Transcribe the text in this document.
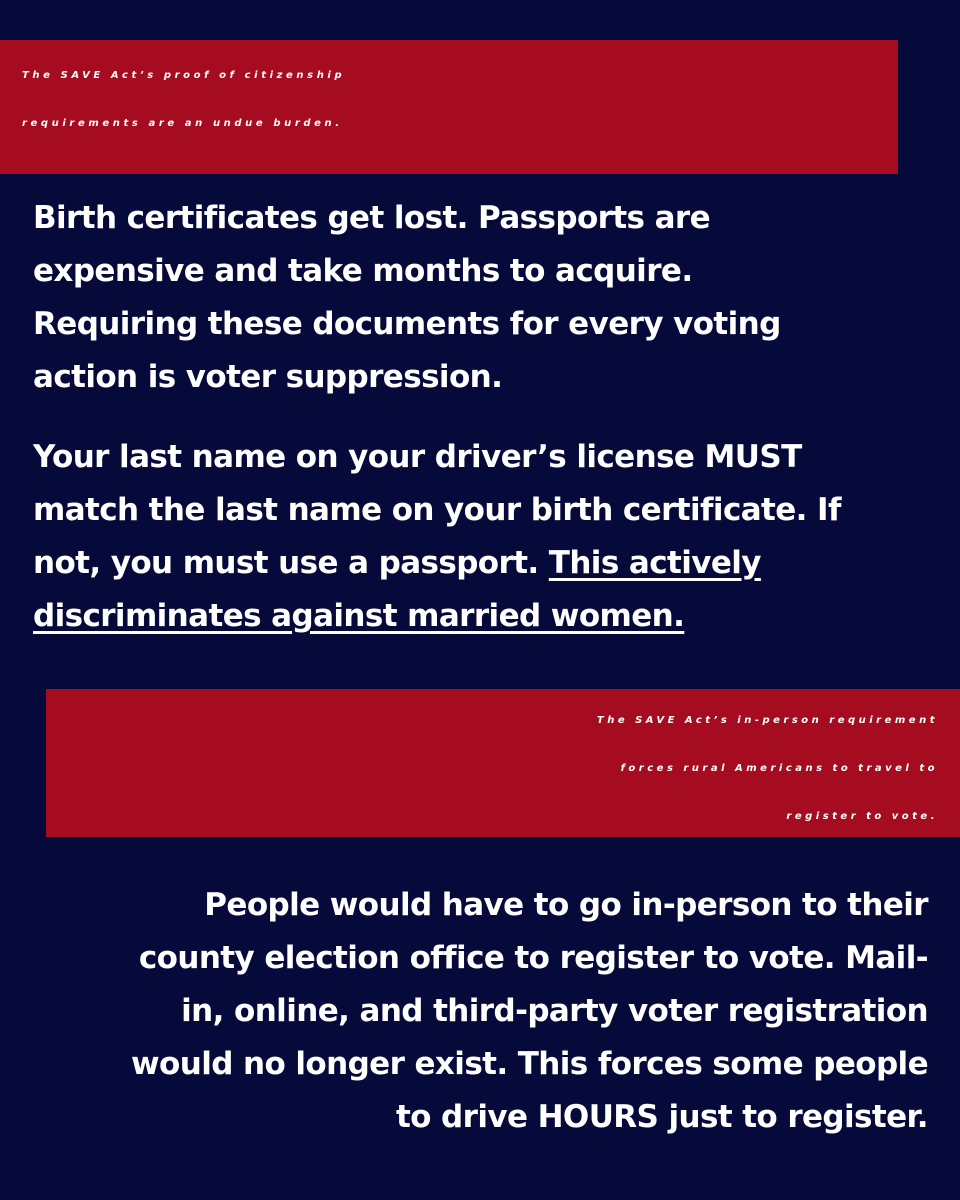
The SAVE Act’s proof of citizenship
requirements are an undue burden.

Birth certificates get lost. Passports are
expensive and take months to acquire.
Requiring these documents for every voting
action is voter suppression.

Your last name on your driver’s license MUST
match the last name on your birth certificate. If
not, you must use a passport. This actively
discriminates against married women.

The SAVE Act’s in-person requirement
forces rural Americans to travel to
register to vote.

People would have to go in-person to their
county election office to register to vote. Mail-
in, online, and third-party voter registration
would no longer exist. This forces some people
to drive HOURS just to register.
